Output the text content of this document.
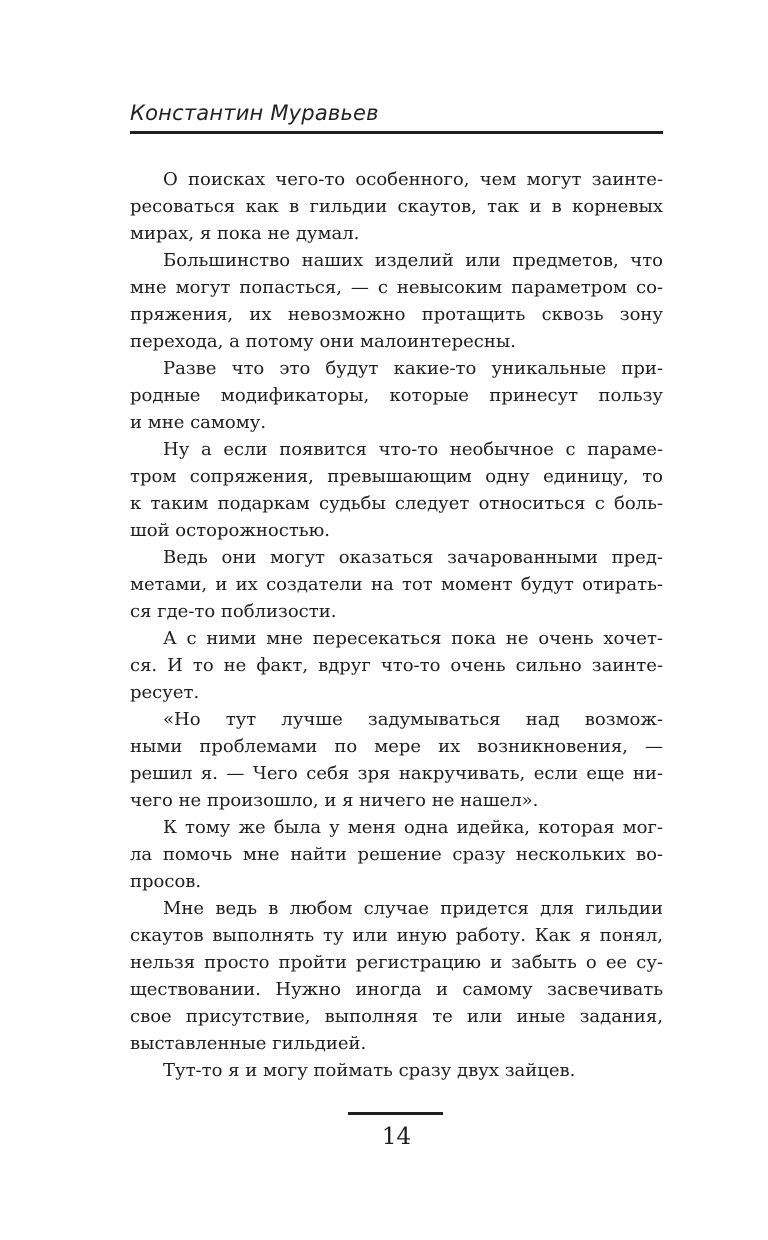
Константин Муравьев
О поисках чего-то особенного, чем могут заинте-
ресоваться как в гильдии скаутов, так и в корневых
мирах, я пока не думал.
Большинство наших изделий или предметов, что
мне могут попасться, — с невысоким параметром со-
пряжения, их невозможно протащить сквозь зону
перехода, а потому они малоинтересны.
Разве что это будут какие-то уникальные при-
родные модификаторы, которые принесут пользу
и мне самому.
Ну а если появится что-то необычное с параме-
тром сопряжения, превышающим одну единицу, то
к таким подаркам судьбы следует относиться с боль-
шой осторожностью.
Ведь они могут оказаться зачарованными пред-
метами, и их создатели на тот момент будут отирать-
ся где-то поблизости.
А с ними мне пересекаться пока не очень хочет-
ся. И то не факт, вдруг что-то очень сильно заинте-
ресует.
«Но тут лучше задумываться над возмож-
ными проблемами по мере их возникновения, —
решил я. — Чего себя зря накручивать, если еще ни-
чего не произошло, и я ничего не нашел».
К тому же была у меня одна идейка, которая мог-
ла помочь мне найти решение сразу нескольких во-
просов.
Мне ведь в любом случае придется для гильдии
скаутов выполнять ту или иную работу. Как я понял,
нельзя просто пройти регистрацию и забыть о ее су-
ществовании. Нужно иногда и самому засвечивать
свое присутствие, выполняя те или иные задания,
выставленные гильдией.
Тут-то я и могу поймать сразу двух зайцев.
14
